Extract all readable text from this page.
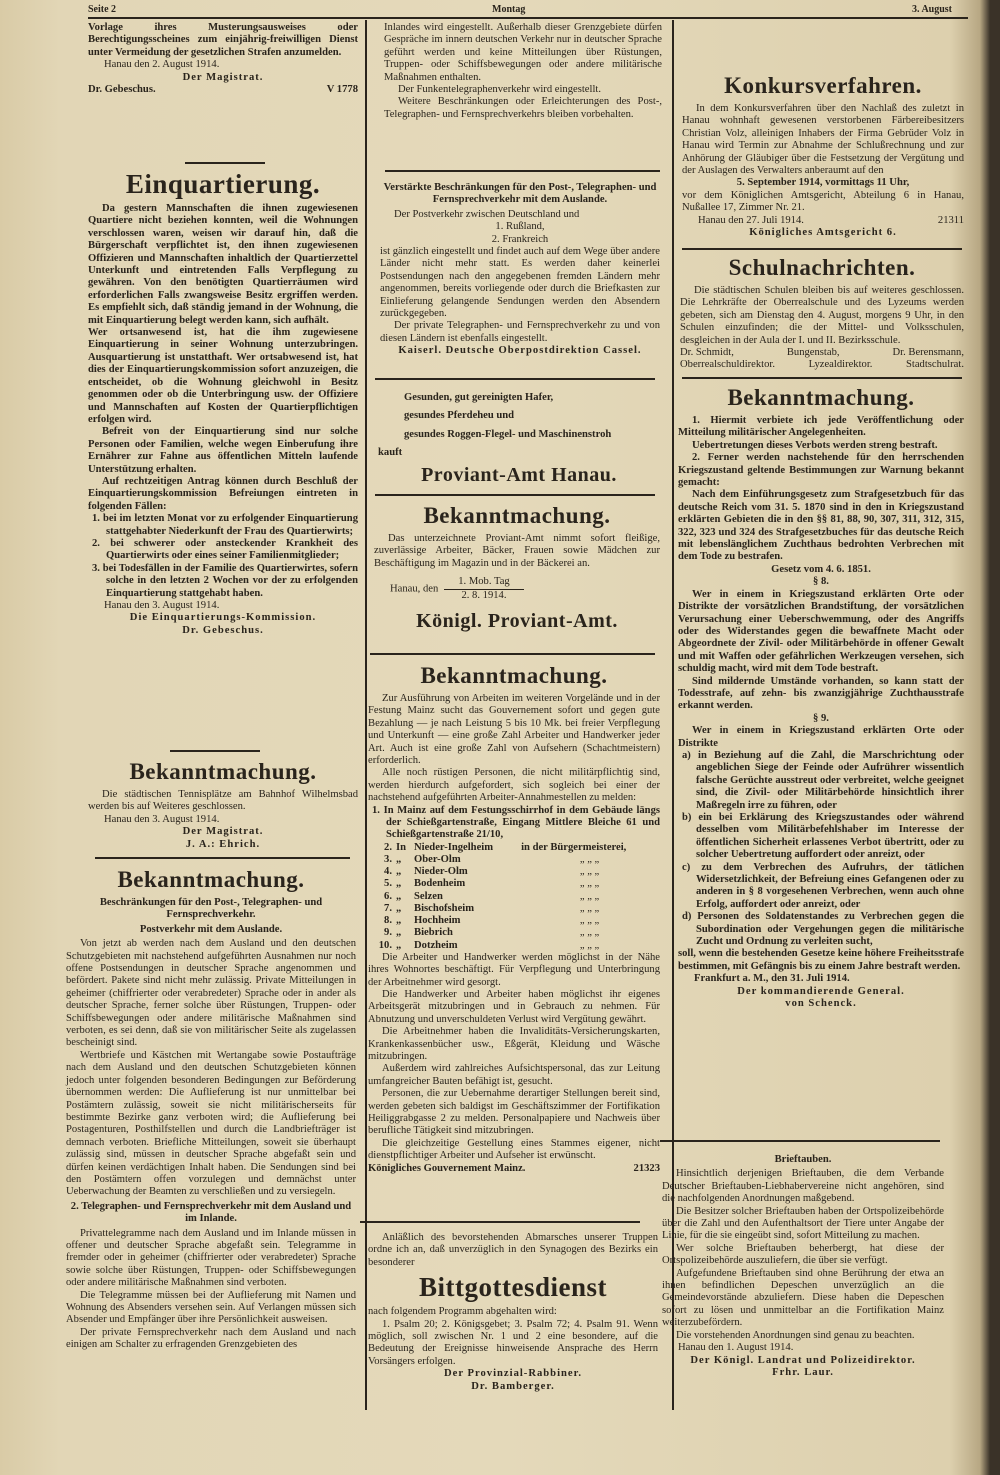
Seite 2	Montag	3. August

Vorlage ihres Musterungsausweises oder Berechtigungsscheines zum einjährig-freiwilligen Dienst unter Vermeidung der gesetzlichen Strafen anzumelden.

Hanau den 2. August 1914.
Der Magistrat.
Dr. Gebeschus.	V 1778
Einquartierung.

Da gestern Mannschaften die ihnen zugewiesenen Quartiere nicht beziehen konnten, weil die Wohnungen verschlossen waren, weisen wir darauf hin, daß die Bürgerschaft verpflichtet ist, den ihnen zugewiesenen Offizieren und Mannschaften inhaltlich der Quartierzettel Unterkunft und eintretenden Falls Verpflegung zu gewähren. Von den benötigten Quartierräumen wird erforderlichen Falls zwangsweise Besitz ergriffen werden. Es empfiehlt sich, daß ständig jemand in der Wohnung, die mit Einquartierung belegt werden kann, sich aufhält.

Wer ortsanwesend ist, hat die ihm zugewiesene Einquartierung in seiner Wohnung unterzubringen. Ausquartierung ist unstatthaft. Wer ortsabwesend ist, hat dies der Einquartierungskommission sofort anzuzeigen, die entscheidet, ob die Wohnung gleichwohl in Besitz genommen oder ob die Unterbringung usw. der Offiziere und Mannschaften auf Kosten der Quartierpflichtigen erfolgen wird.

Befreit von der Einquartierung sind nur solche Personen oder Familien, welche wegen Einberufung ihre Ernährer zur Fahne aus öffentlichen Mitteln laufende Unterstützung erhalten.

Auf rechtzeitigen Antrag können durch Beschluß der Einquartierungskommission Befreiungen eintreten in folgenden Fällen:

1. bei im letzten Monat vor zu erfolgender Einquartierung stattgehabter Niederkunft der Frau des Quartierwirts;
2. bei schwerer oder ansteckender Krankheit des Quartierwirts oder eines seiner Familienmitglieder;
3. bei Todesfällen in der Familie des Quartierwirtes, sofern solche in den letzten 2 Wochen vor der zu erfolgenden Einquartierung stattgehabt haben.
Hanau den 3. August 1914.
Die Einquartierungs-Kommission.
Dr. Gebeschus.
Bekanntmachung.

Die städtischen Tennisplätze am Bahnhof Wilhelmsbad werden bis auf Weiteres geschlossen.

Hanau den 3. August 1914.
Der Magistrat.
J. A.: Ehrich.
Bekanntmachung.
Beschränkungen für den Post-, Telegraphen- und Fernsprechverkehr.
Postverkehr mit dem Auslande.

Von jetzt ab werden nach dem Ausland und den deutschen Schutzgebieten mit nachstehend aufgeführten Ausnahmen nur noch offene Postsendungen in deutscher Sprache angenommen und befördert. Pakete sind nicht mehr zulässig. Private Mitteilungen in geheimer (chiffrierter oder verabredeter) Sprache oder in ander als deutscher Sprache, ferner solche über Rüstungen, Truppen- oder Schiffsbewegungen oder andere militärische Maßnahmen sind verboten, es sei denn, daß sie von militärischer Seite als zugelassen bescheinigt sind.

Wertbriefe und Kästchen mit Wertangabe sowie Postaufträge nach dem Ausland und den deutschen Schutzgebieten können jedoch unter folgenden besonderen Bedingungen zur Beförderung übernommen werden: Die Auflieferung ist nur unmittelbar bei Postämtern zulässig, soweit sie nicht militärischerseits für bestimmte Bezirke ganz verboten wird; die Auflieferung bei Postagenturen, Posthilfstellen und durch die Landbriefträger ist demnach verboten. Briefliche Mitteilungen, soweit sie überhaupt zulässig sind, müssen in deutscher Sprache abgefaßt sein und dürfen keinen verdächtigen Inhalt haben. Die Sendungen sind bei den Postämtern offen vorzulegen und demnächst unter Ueberwachung der Beamten zu verschließen und zu versiegeln.

2. Telegraphen- und Fernsprechverkehr mit dem Ausland und im Inlande.

Privattelegramme nach dem Ausland und im Inlande müssen in offener und deutscher Sprache abgefaßt sein. Telegramme in fremder oder in geheimer (chiffrierter oder verabredeter) Sprache sowie solche über Rüstungen, Truppen- oder Schiffsbewegungen oder andere militärische Maßnahmen sind verboten.

Die Telegramme müssen bei der Auflieferung mit Namen und Wohnung des Absenders versehen sein. Auf Verlangen müssen sich Absender und Empfänger über ihre Persönlichkeit ausweisen.

Der private Fernsprechverkehr nach dem Ausland und nach einigen am Schalter zu erfragenden Grenzgebieten des

Inlandes wird eingestellt. Außerhalb dieser Grenzgebiete dürfen Gespräche im innern deutschen Verkehr nur in deutscher Sprache geführt werden und keine Mitteilungen über Rüstungen, Truppen- oder Schiffsbewegungen oder andere militärische Maßnahmen enthalten.

Der Funkentelegraphenverkehr wird eingestellt.

Weitere Beschränkungen oder Erleichterungen des Post-, Telegraphen- und Fernsprechverkehrs bleiben vorbehalten.

Verstärkte Beschränkungen für den Post-, Telegraphen- und Fernsprechverkehr mit dem Auslande.

Der Postverkehr zwischen Deutschland und

1. Rußland,
2. Frankreich

ist gänzlich eingestellt und findet auch auf dem Wege über andere Länder nicht mehr statt. Es werden daher keinerlei Postsendungen nach den angegebenen fremden Ländern mehr angenommen, bereits vorliegende oder durch die Briefkasten zur Einlieferung gelangende Sendungen werden den Absendern zurückgegeben.

Der private Telegraphen- und Fernsprechverkehr zu und von diesen Ländern ist ebenfalls eingestellt.

Kaiserl. Deutsche Oberpostdirektion Cassel.
Gesunden, gut gereinigten Hafer,
gesundes Pferdeheu und
gesundes Roggen-Flegel- und Maschinenstroh

kauft

Proviant-Amt Hanau.
Bekanntmachung.

Das unterzeichnete Proviant-Amt nimmt sofort fleißige, zuverlässige Arbeiter, Bäcker, Frauen sowie Mädchen zur Beschäftigung im Magazin und in der Bäckerei an.

Hanau, den $\frac{\text{1. Mob. Tag}}{2. 8. 1914.}$
Königl. Proviant-Amt.
Bekanntmachung.

Zur Ausführung von Arbeiten im weiteren Vorgelände und in der Festung Mainz sucht das Gouvernement sofort und gegen gute Bezahlung — je nach Leistung 5 bis 10 Mk. bei freier Verpflegung und Unterkunft — eine große Zahl Arbeiter und Handwerker jeder Art. Auch ist eine große Zahl von Aufsehern (Schachtmeistern) erforderlich.

Alle noch rüstigen Personen, die nicht militärpflichtig sind, werden hierdurch aufgefordert, sich sogleich bei einer der nachstehend aufgeführten Arbeiter-Annahmestellen zu melden:

1. In Mainz auf dem Festungsschirrhof in dem Gebäude längs der Schießgartenstraße, Eingang Mittlere Bleiche 61 und Schießgartenstraße 21/10,
2.	In	Nieder-Ingelheim	in der Bürgermeisterei,
3.	„	Ober-Olm	„ „ „
4.	„	Nieder-Olm	„ „ „
5.	„	Bodenheim	„ „ „
6.	„	Selzen	„ „ „
7.	„	Bischofsheim	„ „ „
8.	„	Hochheim	„ „ „
9.	„	Biebrich	„ „ „
10.	„	Dotzheim	„ „ „

Die Arbeiter und Handwerker werden möglichst in der Nähe ihres Wohnortes beschäftigt. Für Verpflegung und Unterbringung der Arbeitnehmer wird gesorgt.

Die Handwerker und Arbeiter haben möglichst ihr eigenes Arbeitsgerät mitzubringen und in Gebrauch zu nehmen. Für Abnutzung und unverschuldeten Verlust wird Vergütung gewährt.

Die Arbeitnehmer haben die Invaliditäts-Versicherungskarten, Krankenkassenbücher usw., Eßgerät, Kleidung und Wäsche mitzubringen.

Außerdem wird zahlreiches Aufsichtspersonal, das zur Leitung umfangreicher Bauten befähigt ist, gesucht.

Personen, die zur Uebernahme derartiger Stellungen bereit sind, werden gebeten sich baldigst im Geschäftszimmer der Fortifikation Heiliggrabgasse 2 zu melden. Personalpapiere und Nachweis über berufliche Tätigkeit sind mitzubringen.

Die gleichzeitige Gestellung eines Stammes eigener, nicht dienstpflichtiger Arbeiter und Aufseher ist erwünscht.

Königliches Gouvernement Mainz.	21323

Anläßlich des bevorstehenden Abmarsches unserer Truppen ordne ich an, daß unverzüglich in den Synagogen des Bezirks ein besonderer

Bittgottesdienst

nach folgendem Programm abgehalten wird:

1. Psalm 20; 2. Königsgebet; 3. Psalm 72; 4. Psalm 91. Wenn möglich, soll zwischen Nr. 1 und 2 eine besondere, auf die Bedeutung der Ereignisse hinweisende Ansprache des Herrn Vorsängers erfolgen.

Der Provinzial-Rabbiner.
Dr. Bamberger.
Konkursverfahren.

In dem Konkursverfahren über den Nachlaß des zuletzt in Hanau wohnhaft gewesenen verstorbenen Färbereibesitzers Christian Volz, alleinigen Inhabers der Firma Gebrüder Volz in Hanau wird Termin zur Abnahme der Schlußrechnung und zur Anhörung der Gläubiger über die Festsetzung der Vergütung und der Auslagen des Verwalters anberaumt auf den

5. September 1914, vormittags 11 Uhr,

vor dem Königlichen Amtsgericht, Abteilung 6 in Hanau, Nußallee 17, Zimmer Nr. 21.

Hanau den 27. Juli 1914.	21311
Königliches Amtsgericht 6.
Schulnachrichten.

Die städtischen Schulen bleiben bis auf weiteres geschlossen. Die Lehrkräfte der Oberrealschule und des Lyzeums werden gebeten, sich am Dienstag den 4. August, morgens 9 Uhr, in den Schulen einzufinden; die der Mittel- und Volksschulen, desgleichen in der Aula der I. und II. Bezirksschule.

Dr. Schmidt,	Bungenstab,	Dr. Berensmann,
Oberrealschuldirektor.	Lyzealdirektor.	Stadtschulrat.
Bekanntmachung.

1. Hiermit verbiete ich jede Veröffentlichung oder Mitteilung militärischer Angelegenheiten.

Uebertretungen dieses Verbots werden streng bestraft.

2. Ferner werden nachstehende für den herrschenden Kriegszustand geltende Bestimmungen zur Warnung bekannt gemacht:

Nach dem Einführungsgesetz zum Strafgesetzbuch für das deutsche Reich vom 31. 5. 1870 sind in den in Kriegszustand erklärten Gebieten die in den §§ 81, 88, 90, 307, 311, 312, 315, 322, 323 und 324 des Strafgesetzbuches für das deutsche Reich mit lebenslänglichem Zuchthaus bedrohten Verbrechen mit dem Tode zu bestrafen.

Gesetz vom 4. 6. 1851.
§ 8.

Wer in einem in Kriegszustand erklärten Orte oder Distrikte der vorsätzlichen Brandstiftung, der vorsätzlichen Verursachung einer Ueberschwemmung, oder des Angriffs oder des Widerstandes gegen die bewaffnete Macht oder Abgeordnete der Zivil- oder Militärbehörde in offener Gewalt und mit Waffen oder gefährlichen Werkzeugen versehen, sich schuldig macht, wird mit dem Tode bestraft.

Sind mildernde Umstände vorhanden, so kann statt der Todesstrafe, auf zehn- bis zwanzigjährige Zuchthausstrafe erkannt werden.

§ 9.

Wer in einem in Kriegszustand erklärten Orte oder Distrikte

a) in Beziehung auf die Zahl, die Marschrichtung oder angeblichen Siege der Feinde oder Aufrührer wissentlich falsche Gerüchte ausstreut oder verbreitet, welche geeignet sind, die Zivil- oder Militärbehörde hinsichtlich ihrer Maßregeln irre zu führen, oder
b) ein bei Erklärung des Kriegszustandes oder während desselben vom Militärbefehlshaber im Interesse der öffentlichen Sicherheit erlassenes Verbot übertritt, oder zu solcher Uebertretung auffordert oder anreizt, oder
c) zu dem Verbrechen des Aufruhrs, der tätlichen Widersetzlichkeit, der Befreiung eines Gefangenen oder zu anderen in § 8 vorgesehenen Verbrechen, wenn auch ohne Erfolg, auffordert oder anreizt, oder
d) Personen des Soldatenstandes zu Verbrechen gegen die Subordination oder Vergehungen gegen die militärische Zucht und Ordnung zu verleiten sucht,

soll, wenn die bestehenden Gesetze keine höhere Freiheitsstrafe bestimmen, mit Gefängnis bis zu einem Jahre bestraft werden.

Frankfurt a. M., den 31. Juli 1914.
Der kommandierende General.
von Schenck.
Brieftauben.

Hinsichtlich derjenigen Brieftauben, die dem Verbande Deutscher Brieftauben-Liebhabervereine nicht angehören, sind die nachfolgenden Anordnungen maßgebend.

Die Besitzer solcher Brieftauben haben der Ortspolizeibehörde über die Zahl und den Aufenthaltsort der Tiere unter Angabe der Linie, für die sie eingeübt sind, sofort Mitteilung zu machen.

Wer solche Brieftauben beherbergt, hat diese der Ortspolizeibehörde auszuliefern, die über sie verfügt.

Aufgefundene Brieftauben sind ohne Berührung der etwa an ihnen befindlichen Depeschen unverzüglich an die Gemeindevorstände abzuliefern. Diese haben die Depeschen sofort zu lösen und unmittelbar an die Fortifikation Mainz weiterzubefördern.

Die vorstehenden Anordnungen sind genau zu beachten.

Hanau den 1. August 1914.
Der Königl. Landrat und Polizeidirektor.
Frhr. Laur.
